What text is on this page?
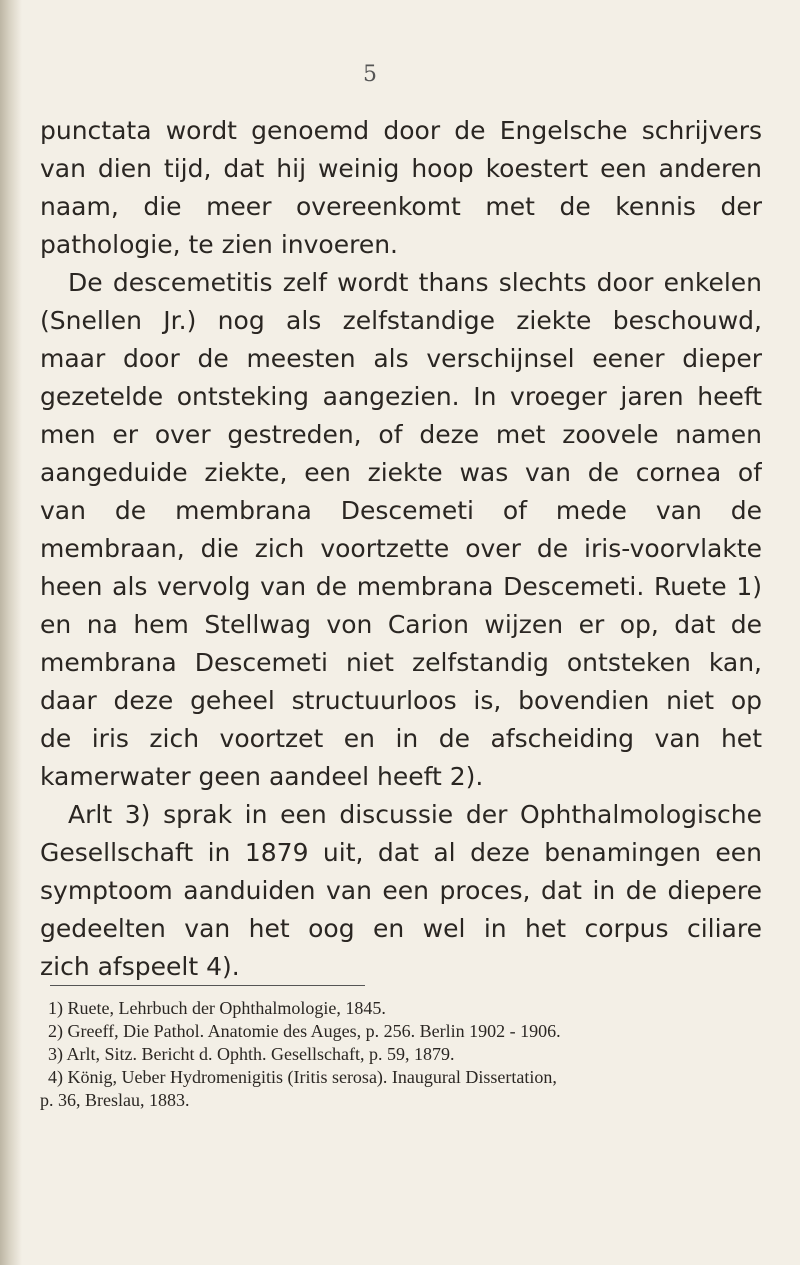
5
punctata wordt genoemd door de Engelsche schrijvers
van dien tijd, dat hij weinig hoop koestert een anderen
naam, die meer overeenkomt met de kennis der
pathologie, te zien invoeren.
De descemetitis zelf wordt thans slechts door enkelen
(Snellen Jr.) nog als zelfstandige ziekte beschouwd,
maar door de meesten als verschijnsel eener dieper
gezetelde ontsteking aangezien. In vroeger jaren heeft
men er over gestreden, of deze met zoovele namen
aangeduide ziekte, een ziekte was van de cornea of
van de membrana Descemeti of mede van de
membraan, die zich voortzette over de iris-voorvlakte
heen als vervolg van de membrana Descemeti. Ruete 1)
en na hem Stellwag von Carion wijzen er op, dat de
membrana Descemeti niet zelfstandig ontsteken kan,
daar deze geheel structuurloos is, bovendien niet op
de iris zich voortzet en in de afscheiding van het
kamerwater geen aandeel heeft 2).
Arlt 3) sprak in een discussie der Ophthalmologische
Gesellschaft in 1879 uit, dat al deze benamingen een
symptoom aanduiden van een proces, dat in de diepere
gedeelten van het oog en wel in het corpus ciliare
zich afspeelt 4).
1) Ruete, Lehrbuch der Ophthalmologie, 1845.
2) Greeff, Die Pathol. Anatomie des Auges, p. 256. Berlin 1902 - 1906.
3) Arlt, Sitz. Bericht d. Ophth. Gesellschaft, p. 59, 1879.
4) König, Ueber Hydromenigitis (Iritis serosa). Inaugural Dissertation,
p. 36, Breslau, 1883.
